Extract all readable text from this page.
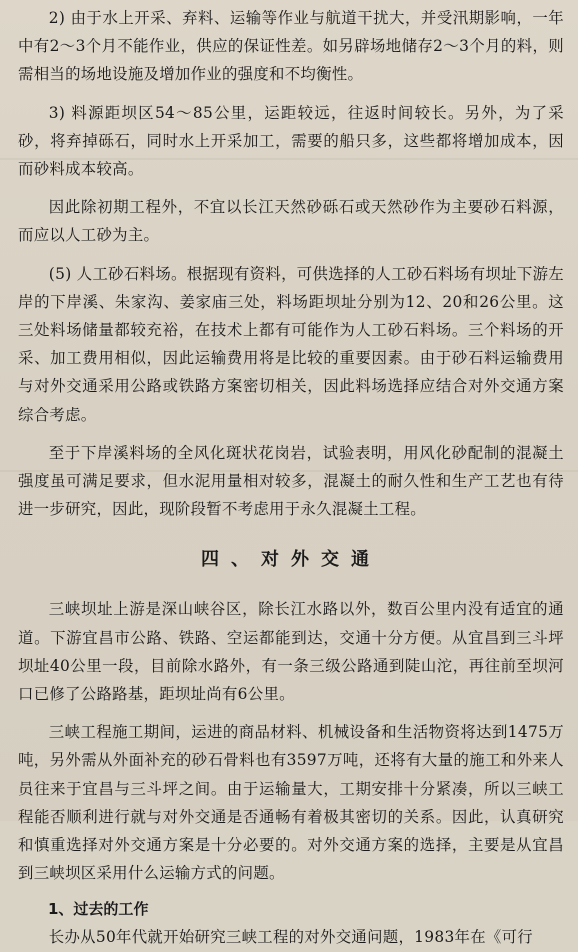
2) 由于水上开采、弃料、运输等作业与航道干扰大，并受汛期影响，一年中有2～3个月不能作业，供应的保证性差。如另辟场地储存2～3个月的料，则需相当的场地设施及增加作业的强度和不均衡性。

3) 料源距坝区54～85公里，运距较远，往返时间较长。另外，为了采砂，将弃掉砾石，同时水上开采加工，需要的船只多，这些都将增加成本，因而砂料成本较高。

因此除初期工程外，不宜以长江天然砂砾石或天然砂作为主要砂石料源，而应以人工砂为主。

(5) 人工砂石料场。根据现有资料，可供选择的人工砂石料场有坝址下游左岸的下岸溪、朱家沟、姜家庙三处，料场距坝址分别为12、20和26公里。这三处料场储量都较充裕，在技术上都有可能作为人工砂石料场。三个料场的开采、加工费用相似，因此运输费用将是比较的重要因素。由于砂石料运输费用与对外交通采用公路或铁路方案密切相关，因此料场选择应结合对外交通方案综合考虑。

至于下岸溪料场的全风化斑状花岗岩，试验表明，用风化砂配制的混凝土强度虽可满足要求，但水泥用量相对较多，混凝土的耐久性和生产工艺也有待进一步研究，因此，现阶段暂不考虑用于永久混凝土工程。

四、对外交通

三峡坝址上游是深山峡谷区，除长江水路以外，数百公里内没有适宜的通道。下游宜昌市公路、铁路、空运都能到达，交通十分方便。从宜昌到三斗坪坝址40公里一段，目前除水路外，有一条三级公路通到陡山沱，再往前至坝河口已修了公路路基，距坝址尚有6公里。

三峡工程施工期间，运进的商品材料、机械设备和生活物资将达到1475万吨，另外需从外面补充的砂石骨料也有3597万吨，还将有大量的施工和外来人员往来于宜昌与三斗坪之间。由于运输量大，工期安排十分紧凑，所以三峡工程能否顺利进行就与对外交通是否通畅有着极其密切的关系。因此，认真研究和慎重选择对外交通方案是十分必要的。对外交通方案的选择，主要是从宜昌到三峡坝区采用什么运输方式的问题。

1、过去的工作

长办从50年代就开始研究三峡工程的对外交通问题，1983年在《可行
